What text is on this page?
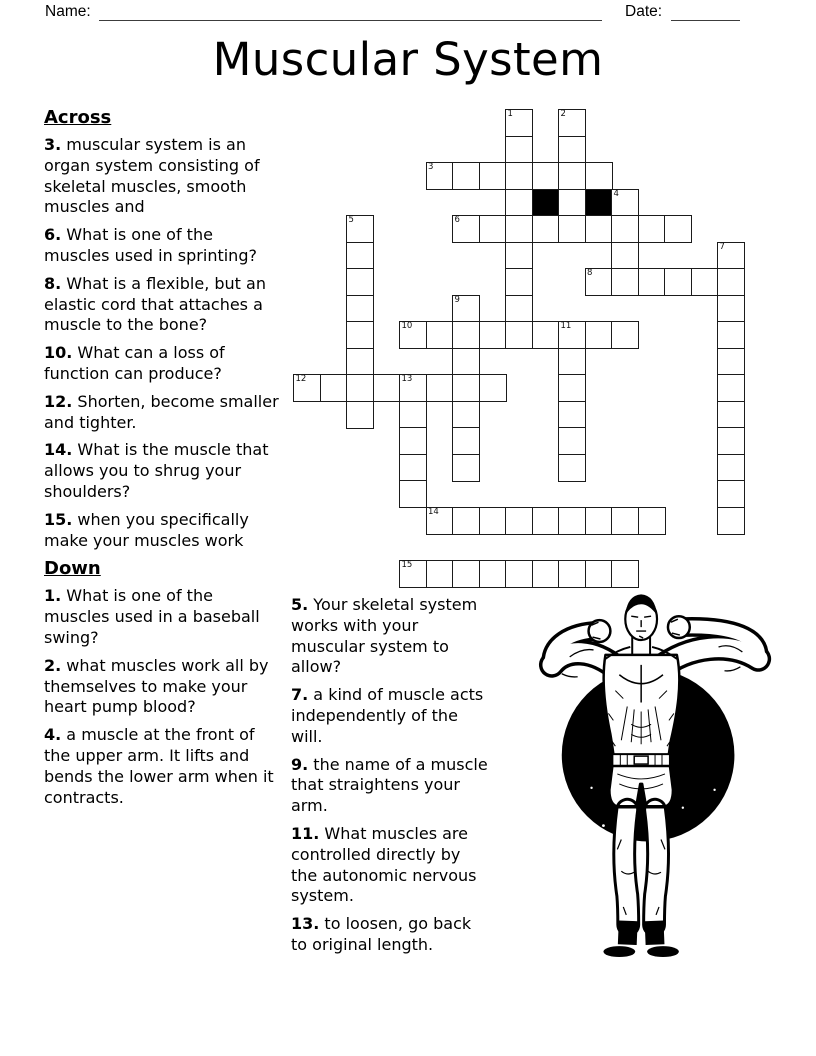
Name:	Date:
Muscular System
Across

3. muscular system is an organ system consisting of skeletal muscles, smooth muscles and

6. What is one of the muscles used in sprinting?

8. What is a flexible, but an elastic cord that attaches a muscle to the bone?

10. What can a loss of function can produce?

12. Shorten, become smaller and tighter.

14. What is the muscle that allows you to shrug your shoulders?

15. when you specifically make your muscles work

Down

1. What is one of the muscles used in a baseball swing?

2. what muscles work all by themselves to make your heart pump blood?

4. a muscle at the front of the upper arm. It lifts and bends the lower arm when it contracts.

5. Your skeletal system works with your muscular system to allow?

7. a kind of muscle acts independently of the will.

9. the name of a muscle that straightens your arm.

11. What muscles are controlled directly by the autonomic nervous system.

13. to loosen, go back to original length.

1	2
3
4
5	6
7
8
9
10	11
12	13
14
15
